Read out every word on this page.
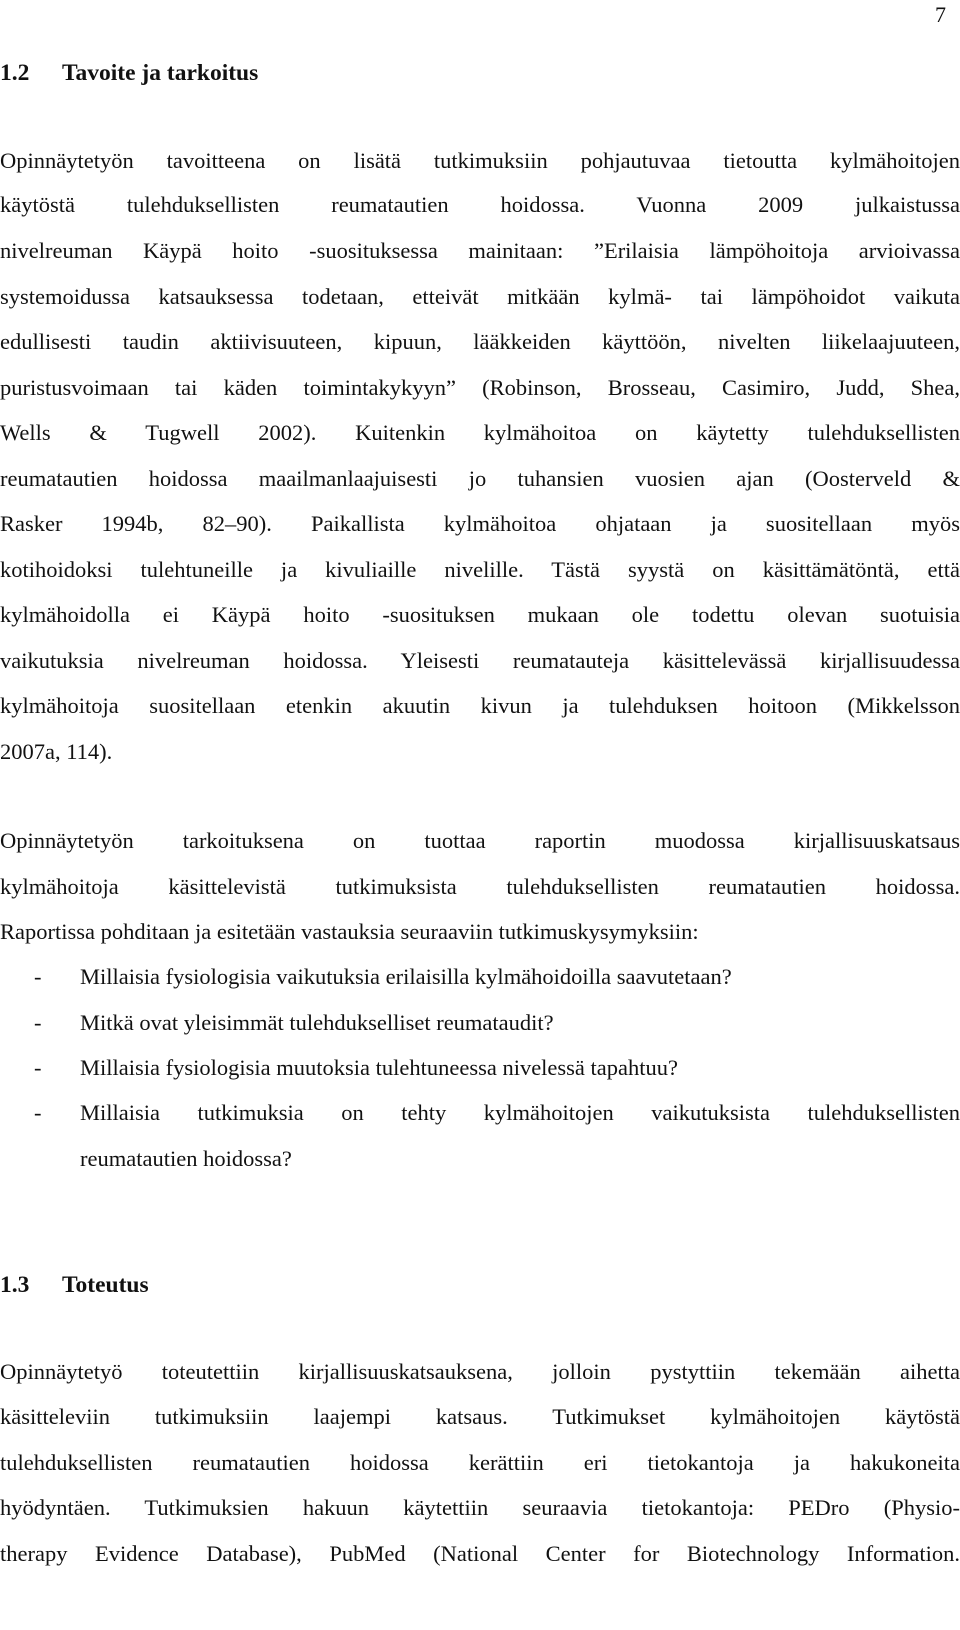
7
1.2 Tavoite ja tarkoitus
Opinnäytetyön tavoitteena on lisätä tutkimuksiin pohjautuvaa tietoutta kylmähoitojen
käytöstä tulehduksellisten reumatautien hoidossa. Vuonna 2009 julkaistussa
nivelreuman Käypä hoito -suosituksessa mainitaan: ”Erilaisia lämpöhoitoja arvioivassa
systemoidussa katsauksessa todetaan, etteivät mitkään kylmä- tai lämpöhoidot vaikuta
edullisesti taudin aktiivisuuteen, kipuun, lääkkeiden käyttöön, nivelten liikelaajuuteen,
puristusvoimaan tai käden toimintakykyyn” (Robinson, Brosseau, Casimiro, Judd, Shea,
Wells & Tugwell 2002). Kuitenkin kylmähoitoa on käytetty tulehduksellisten
reumatautien hoidossa maailmanlaajuisesti jo tuhansien vuosien ajan (Oosterveld &
Rasker 1994b, 82‒90). Paikallista kylmähoitoa ohjataan ja suositellaan myös
kotihoidoksi tulehtuneille ja kivuliaille nivelille. Tästä syystä on käsittämätöntä, että
kylmähoidolla ei Käypä hoito -suosituksen mukaan ole todettu olevan suotuisia
vaikutuksia nivelreuman hoidossa. Yleisesti reumatauteja käsittelevässä kirjallisuudessa
kylmähoitoja suositellaan etenkin akuutin kivun ja tulehduksen hoitoon (Mikkelsson
2007a, 114).
Opinnäytetyön tarkoituksena on tuottaa raportin muodossa kirjallisuuskatsaus
kylmähoitoja käsittelevistä tutkimuksista tulehduksellisten reumatautien hoidossa.
Raportissa pohditaan ja esitetään vastauksia seuraaviin tutkimuskysymyksiin:
- Millaisia fysiologisia vaikutuksia erilaisilla kylmähoidoilla saavutetaan?
- Mitkä ovat yleisimmät tulehdukselliset reumataudit?
- Millaisia fysiologisia muutoksia tulehtuneessa nivelessä tapahtuu?
- Millaisia tutkimuksia on tehty kylmähoitojen vaikutuksista tulehduksellisten
reumatautien hoidossa?
1.3 Toteutus
Opinnäytetyö toteutettiin kirjallisuuskatsauksena, jolloin pystyttiin tekemään aihetta
käsitteleviin tutkimuksiin laajempi katsaus. Tutkimukset kylmähoitojen käytöstä
tulehduksellisten reumatautien hoidossa kerättiin eri tietokantoja ja hakukoneita
hyödyntäen. Tutkimuksien hakuun käytettiin seuraavia tietokantoja: PEDro (Physio-
therapy Evidence Database), PubMed (National Center for Biotechnology Information.
